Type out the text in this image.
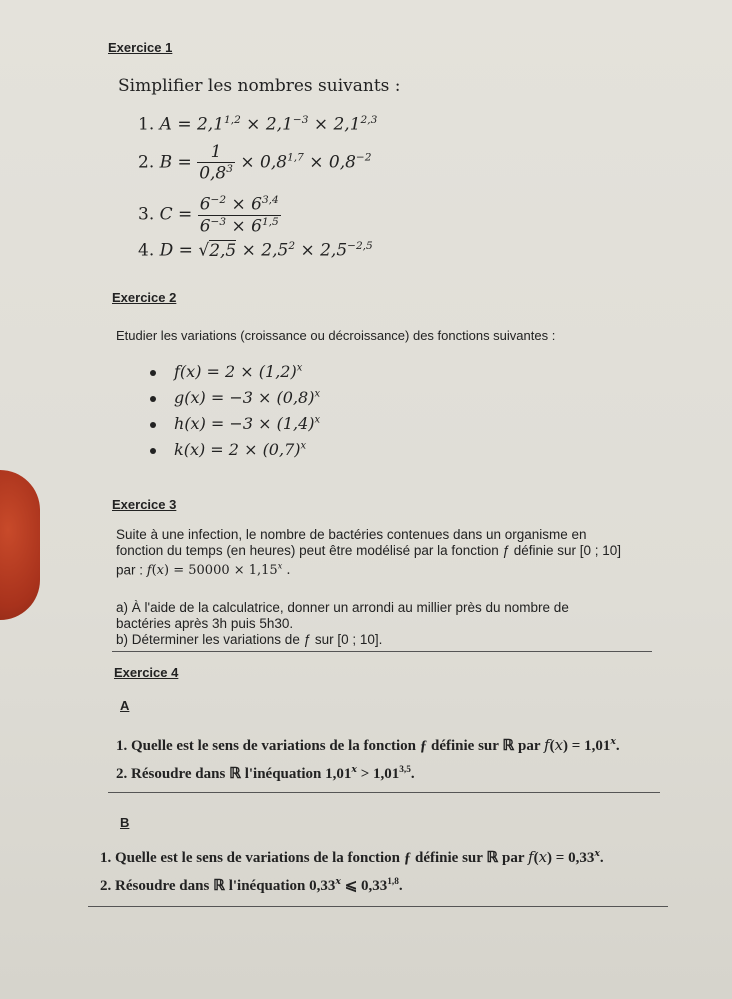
Exercice 1
Simplifier les nombres suivants :
1. $A = 2,1^{1,2} \times 2,1^{-3} \times 2,1^{2,3}$
2. $B = \frac{1}{0,8^3} \times 0,8^{1,7} \times 0,8^{-2}$
3. $C = \frac{6^{-2} \times 6^{3,4}}{6^{-3} \times 6^{1,5}}$
4. $D = √2,5 \times 2,5^2 \times 2,5^{-2,5}$
Exercice 2
Etudier les variations (croissance ou décroissance) des fonctions suivantes :
$f(x) = 2 \times (1,2)^x$
$g(x) = -3 \times (0,8)^x$
$h(x) = -3 \times (1,4)^x$
$k(x) = 2 \times (0,7)^x$
Exercice 3
Suite à une infection, le nombre de bactéries contenues dans un organisme en
fonction du temps (en heures) peut être modélisé par la fonction ƒ définie sur [0 ; 10]
par : $f(x) = 50000 \times 1,15^x$ .
a) À l'aide de la calculatrice, donner un arrondi au millier près du nombre de
bactéries après 3h puis 5h30.
b) Déterminer les variations de ƒ sur [0 ; 10].
Exercice 4
A
1. Quelle est le sens de variations de la fonction ƒ définie sur ℝ par $f(x) = 1,01^x$.
2. Résoudre dans ℝ l'inéquation $1,01^x > 1,01^{3,5}$.
B
1. Quelle est le sens de variations de la fonction ƒ définie sur ℝ par $f(x) = 0,33^x$.
2. Résoudre dans ℝ l'inéquation 0,33$^x$ ⩽ 0,33$^{1,8}$.
